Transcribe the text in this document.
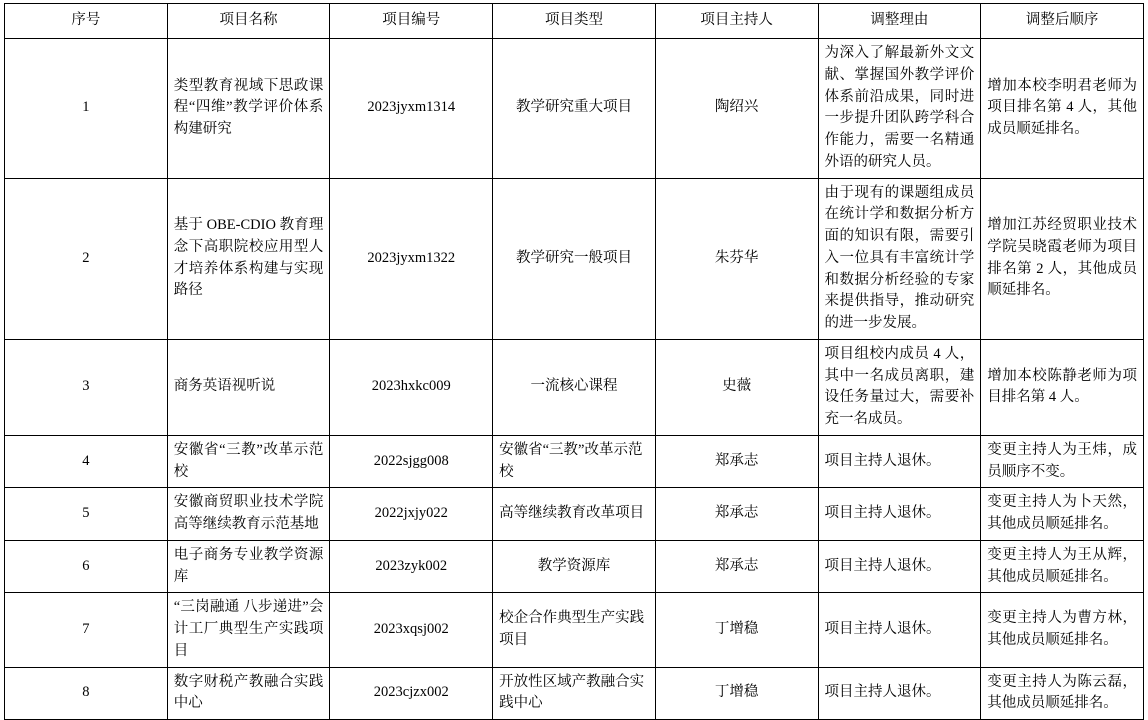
序号	项目名称	项目编号	项目类型	项目主持人	调整理由	调整后顺序
1	类型教育视域下思政课程“四维”教学评价体系构建研究	2023jyxm1314	教学研究重大项目	陶绍兴	为深入了解最新外文文献、掌握国外教学评价体系前沿成果，同时进一步提升团队跨学科合作能力，需要一名精通外语的研究人员。	增加本校李明君老师为项目排名第 4 人，其他成员顺延排名。
2	基于 OBE-CDIO 教育理念下高职院校应用型人才培养体系构建与实现路径	2023jyxm1322	教学研究一般项目	朱芬华	由于现有的课题组成员在统计学和数据分析方面的知识有限，需要引入一位具有丰富统计学和数据分析经验的专家来提供指导，推动研究的进一步发展。	增加江苏经贸职业技术学院吴晓霞老师为项目排名第 2 人，其他成员顺延排名。
3	商务英语视听说	2023hxkc009	一流核心课程	史薇	项目组校内成员 4 人，其中一名成员离职，建设任务量过大，需要补充一名成员。	增加本校陈静老师为项目排名第 4 人。
4	安徽省“三教”改革示范校	2022sjgg008	安徽省“三教”改革示范校	郑承志	项目主持人退休。	变更主持人为王炜，成员顺序不变。
5	安徽商贸职业技术学院高等继续教育示范基地	2022jxjy022	高等继续教育改革项目	郑承志	项目主持人退休。	变更主持人为卜天然，其他成员顺延排名。
6	电子商务专业教学资源库	2023zyk002	教学资源库	郑承志	项目主持人退休。	变更主持人为王从辉，其他成员顺延排名。
7	“三岗融通 八步递进”会计工厂典型生产实践项目	2023xqsj002	校企合作典型生产实践项目	丁增稳	项目主持人退休。	变更主持人为曹方林，其他成员顺延排名。
8	数字财税产教融合实践中心	2023cjzx002	开放性区域产教融合实践中心	丁增稳	项目主持人退休。	变更主持人为陈云磊，其他成员顺延排名。
